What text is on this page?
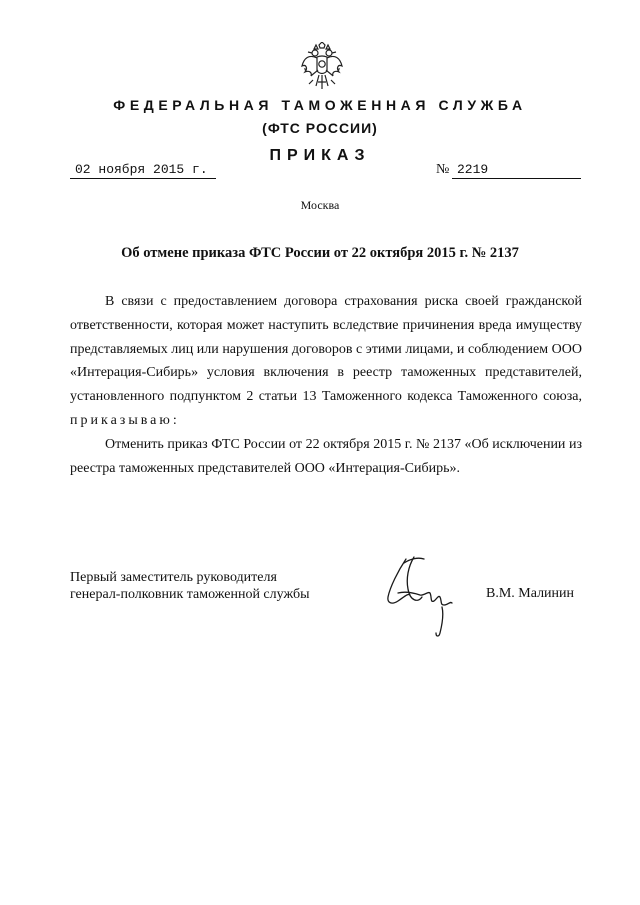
ФЕДЕРАЛЬНАЯ ТАМОЖЕННАЯ СЛУЖБА
(ФТС РОССИИ)
ПРИКАЗ
02 ноября 2015 г.	№ 2219
Москва
Об отмене приказа ФТС России от 22 октября 2015 г. № 2137

В связи с предоставлением договора страхования риска своей гражданской ответственности, которая может наступить вследствие причинения вреда имуществу представляемых лиц или нарушения договоров с этими лицами, и соблюдением ООО «Интерация-Сибирь» условия включения в реестр таможенных представителей, установленного подпунктом 2 статьи 13 Таможенного кодекса Таможенного союза, приказываю:

Отменить приказ ФТС России от 22 октября 2015 г. № 2137 «Об исключении из реестра таможенных представителей ООО «Интерация-Сибирь».

Первый заместитель руководителя
генерал-полковник таможенной службы	В.М. Малинин
